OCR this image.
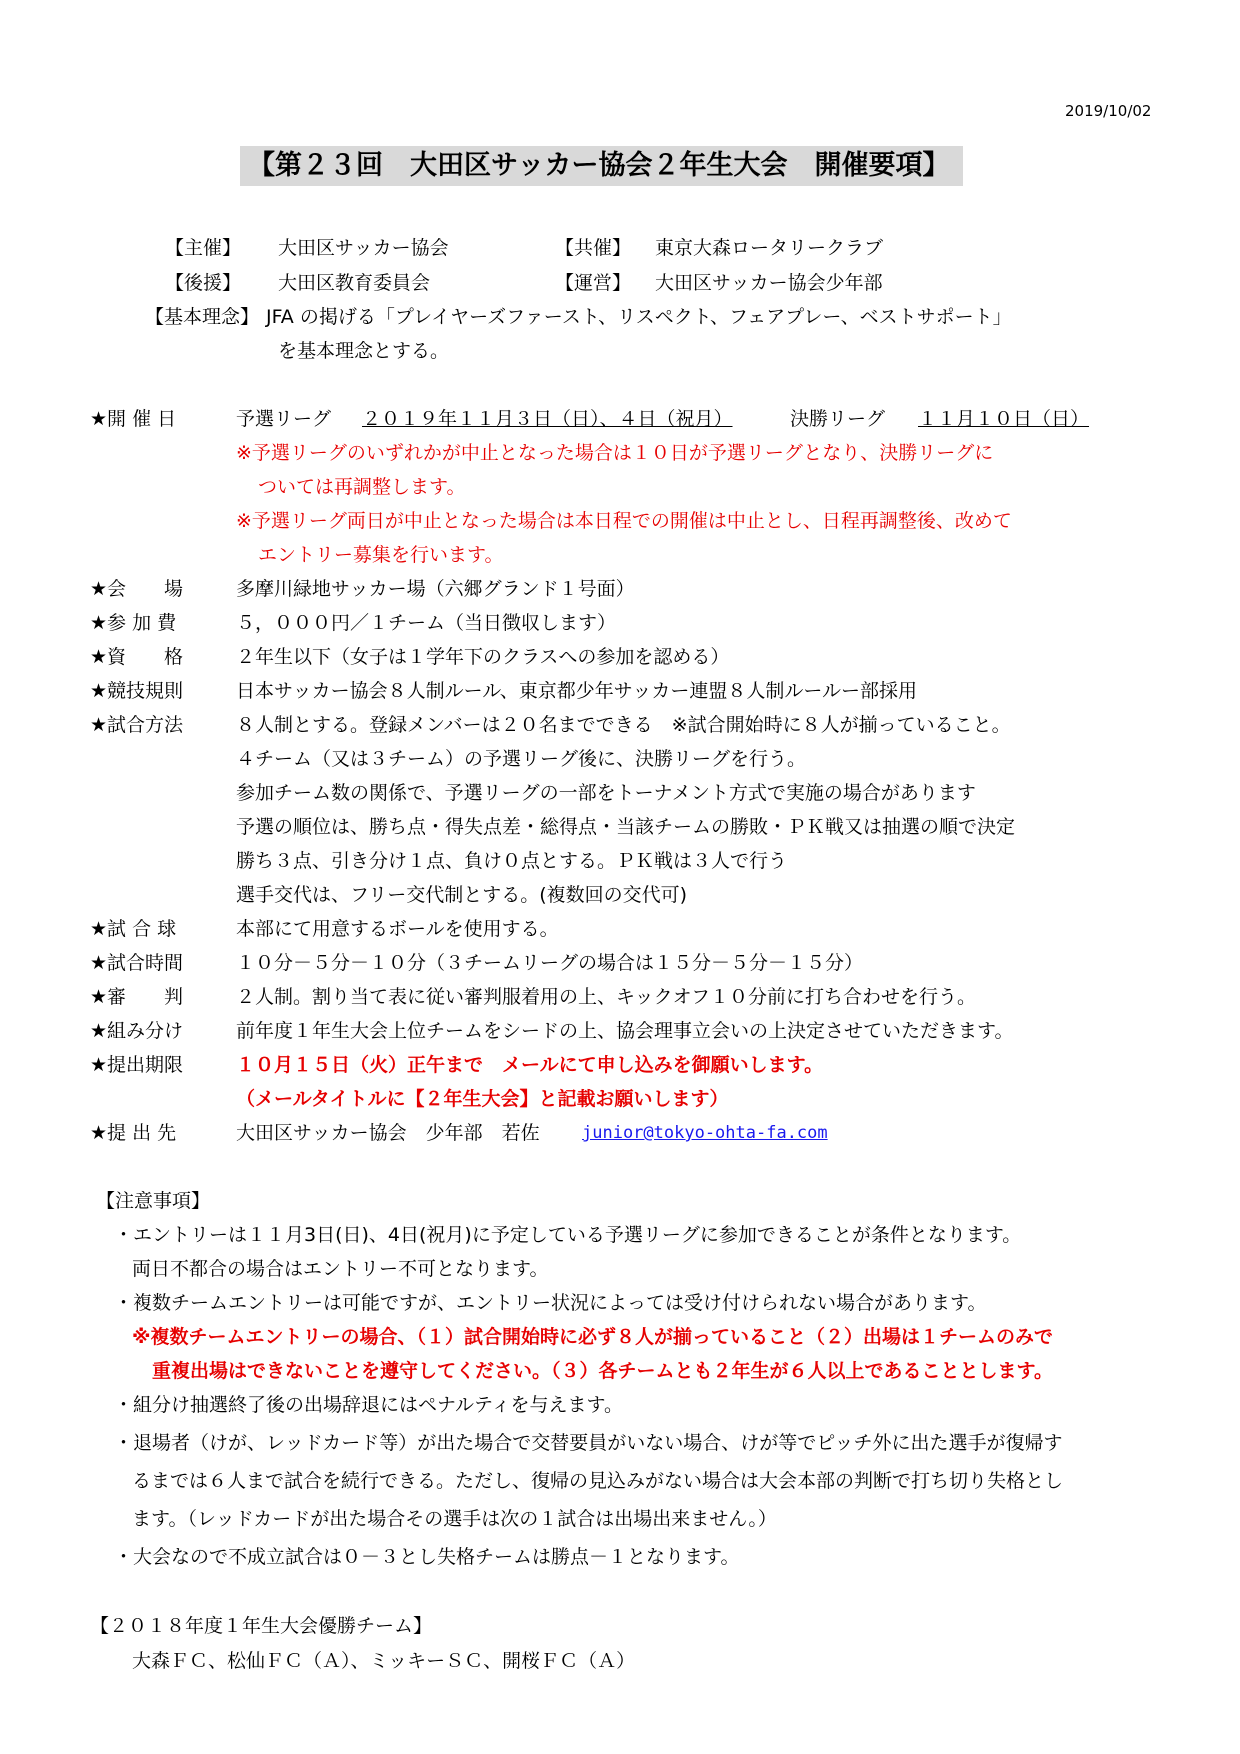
2019/10/02
【第２３回　大田区サッカー協会２年生大会　開催要項】
【主催】 大田区サッカー協会	【共催】 東京大森ロータリークラブ
【後援】 大田区教育委員会	【運営】 大田区サッカー協会少年部
【基本理念】 JFA の掲げる「プレイヤーズファースト、リスペクト、フェアプレー、ベストサポート」
を基本理念とする。
★開 催 日	予選リーグ ２０１９年１１月３日（日）、４日（祝月）	決勝リーグ １１月１０日（日）
※予選リーグのいずれかが中止となった場合は１０日が予選リーグとなり、決勝リーグに
ついては再調整します。
※予選リーグ両日が中止となった場合は本日程での開催は中止とし、日程再調整後、改めて
エントリー募集を行います。
★会　　場	多摩川緑地サッカー場（六郷グランド１号面）
★参 加 費	５，０００円／１チーム（当日徴収します）
★資　　格	２年生以下（女子は１学年下のクラスへの参加を認める）
★競技規則	日本サッカー協会８人制ルール、東京都少年サッカー連盟８人制ルールー部採用
★試合方法	８人制とする。登録メンバーは２０名までできる　※試合開始時に８人が揃っていること。
４チーム（又は３チーム）の予選リーグ後に、決勝リーグを行う。
参加チーム数の関係で、予選リーグの一部をトーナメント方式で実施の場合があります
予選の順位は、勝ち点・得失点差・総得点・当該チームの勝敗・ＰＫ戦又は抽選の順で決定
勝ち３点、引き分け１点、負け０点とする。ＰＫ戦は３人で行う
選手交代は、フリー交代制とする。(複数回の交代可)
★試 合 球	本部にて用意するボールを使用する。
★試合時間	１０分－５分－１０分（３チームリーグの場合は１５分－５分－１５分）
★審　　判	２人制。割り当て表に従い審判服着用の上、キックオフ１０分前に打ち合わせを行う。
★組み分け	前年度１年生大会上位チームをシードの上、協会理事立会いの上決定させていただきます。
★提出期限	１０月１５日（火）正午まで　メールにて申し込みを御願いします。
（メールタイトルに【２年生大会】と記載お願いします）
★提 出 先	大田区サッカー協会　少年部　若佐 junior@tokyo-ohta-fa.com
【注意事項】
・エントリーは１１月3日(日)、4日(祝月)に予定している予選リーグに参加できることが条件となります。
両日不都合の場合はエントリー不可となります。
・複数チームエントリーは可能ですが、エントリー状況によっては受け付けられない場合があります。
※複数チームエントリーの場合、（１）試合開始時に必ず８人が揃っていること（２）出場は１チームのみで
重複出場はできないことを遵守してください。（３）各チームとも２年生が６人以上であることとします。
・組分け抽選終了後の出場辞退にはペナルティを与えます。
・退場者（けが、レッドカード等）が出た場合で交替要員がいない場合、けが等でピッチ外に出た選手が復帰す
るまでは６人まで試合を続行できる。ただし、復帰の見込みがない場合は大会本部の判断で打ち切り失格とし
ます。（レッドカードが出た場合その選手は次の１試合は出場出来ません。）
・大会なので不成立試合は０－３とし失格チームは勝点－１となります。
【２０１８年度１年生大会優勝チーム】
大森ＦＣ、松仙ＦＣ（Ａ）、ミッキーＳＣ、開桜ＦＣ（Ａ）
